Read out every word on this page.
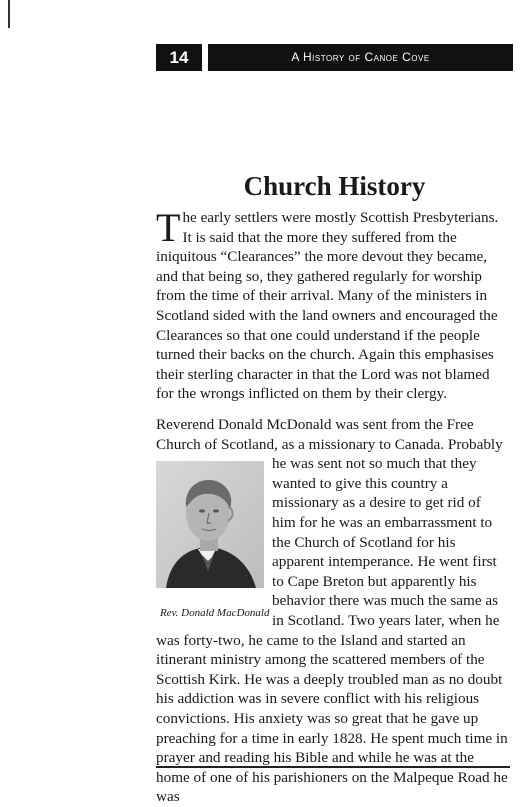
14	A History of Canoe Cove
Church History

The early settlers were mostly Scottish Presbyterians. It is said that the more they suffered from the iniquitous “Clearances” the more devout they became, and that being so, they gathered regularly for worship from the time of their arrival. Many of the ministers in Scotland sided with the land owners and encouraged the Clearances so that one could understand if the people turned their backs on the church. Again this emphasises their sterling character in that the Lord was not blamed for the wrongs inflicted on them by their clergy.

Reverend Donald McDonald was sent from the Free Church of Scotland, as a missionary to Canada.
Rev. Donald MacDonald
Probably he was sent not so much that they wanted to give this country a missionary as a desire to get rid of him for he was an embarrassment to the Church of Scotland for his apparent intemperance. He went first to Cape Breton but apparently his behavior there was much the same as in Scotland. Two years later, when he was forty-two, he came to the Island and started an itinerant ministry among the scattered members of the Scottish Kirk. He was a deeply troubled man as no doubt his addiction was in severe conflict with his religious convictions. His anxiety was so great that he gave up preaching for a time in early 1828. He spent much time in prayer and reading his Bible and while he was at the home of one of his parishioners on the Malpeque Road he was
